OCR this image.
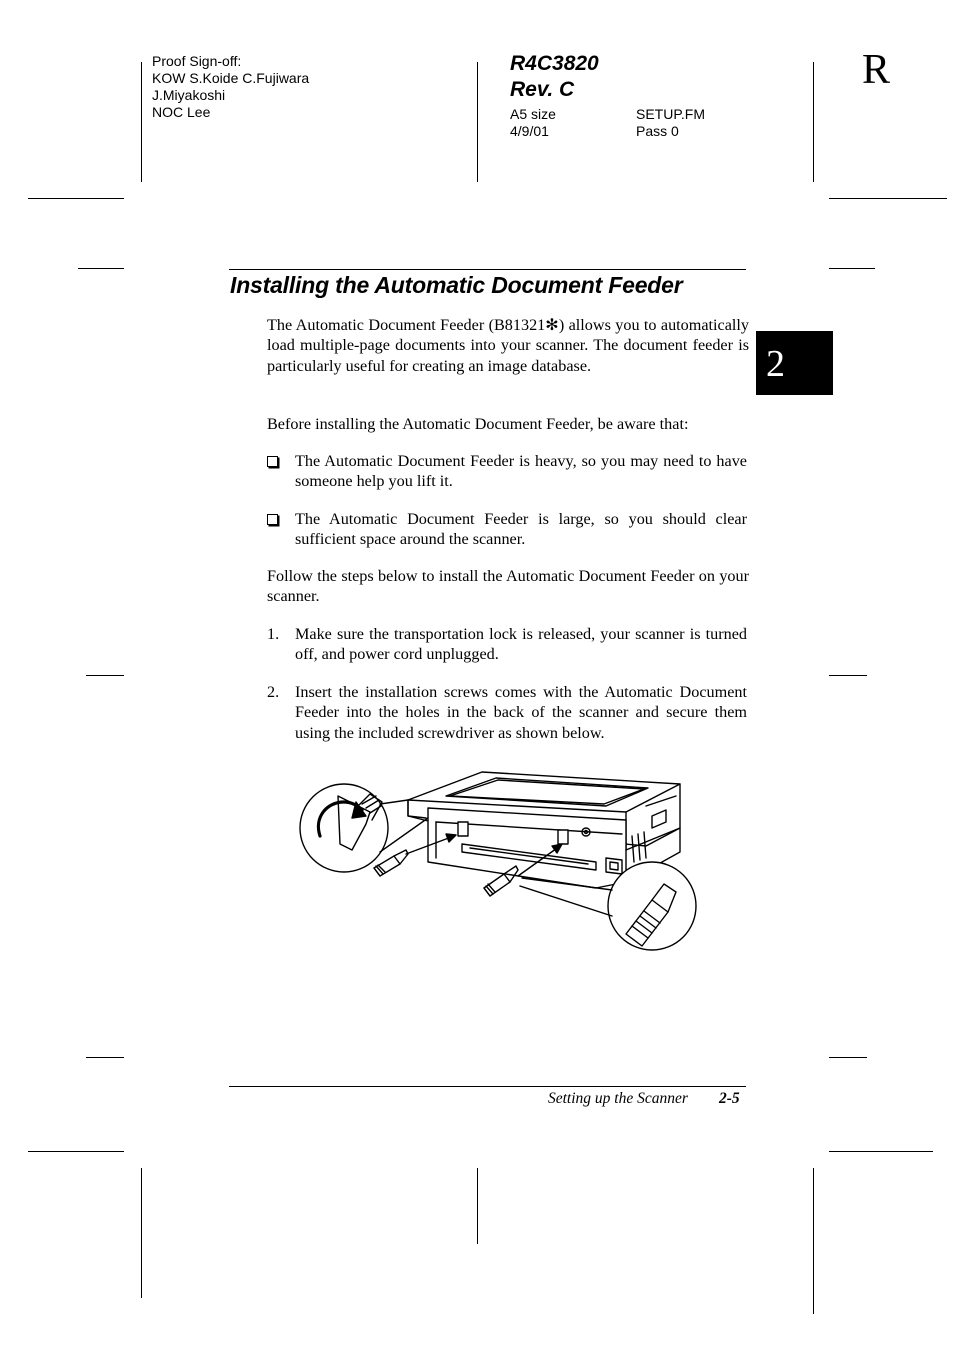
Proof Sign-off:
KOW S.Koide C.Fujiwara
J.Miyakoshi
NOC Lee
R4C3820
Rev. C
A5 size	SETUP.FM
4/9/01	Pass 0
R
Installing the Automatic Document Feeder
2

The Automatic Document Feeder (B81321✻) allows you to automatically load multiple-page documents into your scanner. The document feeder is particularly useful for creating an image database.

Before installing the Automatic Document Feeder, be aware that:

The Automatic Document Feeder is heavy, so you may need to have someone help you lift it.
The Automatic Document Feeder is large, so you should clear sufficient space around the scanner.

Follow the steps below to install the Automatic Document Feeder on your scanner.

1. Make sure the transportation lock is released, your scanner is turned off, and power cord unplugged.
2. Insert the installation screws comes with the Automatic Document Feeder into the holes in the back of the scanner and secure them using the included screwdriver as shown below.
Setting up the Scanner 2-5
